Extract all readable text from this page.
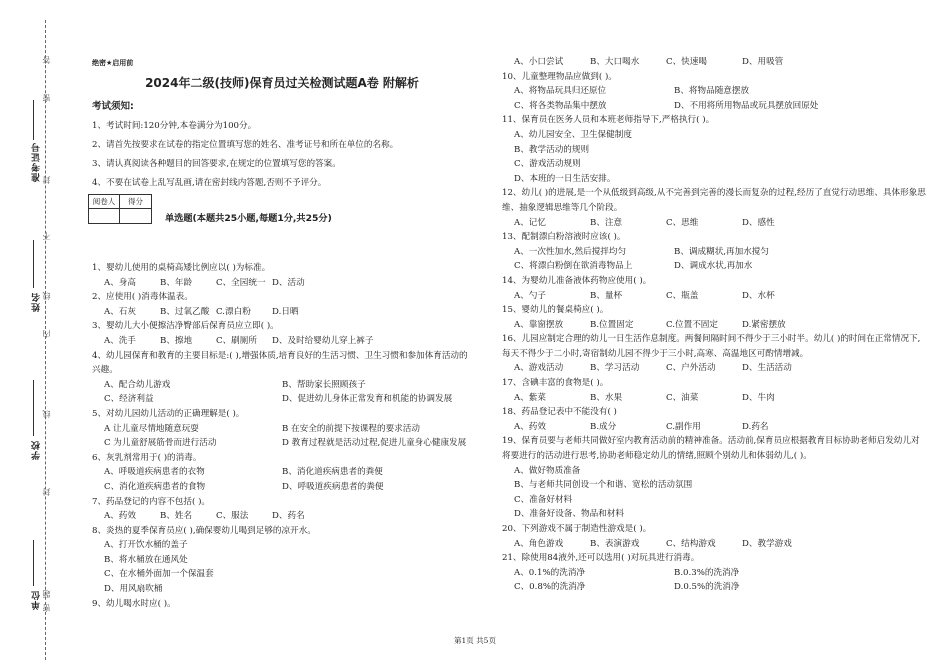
准考证号
姓名
学校
单位 密
封
线
不
内
线
封
密
题
答	绝密★启用前
2024年二级(技师)保育员过关检测试题A卷 附解析
考试须知:
1、考试时间:120分钟,本卷满分为100分。
2、请首先按要求在试卷的指定位置填写您的姓名、准考证号和所在单位的名称。
3、请认真阅读各种题目的回答要求,在规定的位置填写您的答案。
4、不要在试卷上乱写乱画,请在密封线内答题,否则不予评分。
阅卷人	得分
单选题(本题共25小题,每题1分,共25分)
1、婴幼儿使用的桌椅高矮比例应以( )为标准。
A、身高	B、年龄	C、全园统一 D、活动
2、应使用( )消毒体温表。
A、石灰	B、过氧乙酸 C.漂白粉 D.日晒
3、婴幼儿大小便擦洁净臀部后保育员应立即( )。
A、洗手	B、擦地	C、刷厕所 D、及时给婴幼儿穿上裤子
4、幼儿园保育和教育的主要目标是:( ),增强体质,培育良好的生活习惯、卫生习惯和参加体育活动的兴趣。
A、配合幼儿游戏	B、帮助家长照顾孩子
C、经济利益	D、促进幼儿身体正常发育和机能的协调发展
5、对幼儿园幼儿活动的正确理解是( )。
A 让儿童尽情地随意玩耍	B 在安全的前提下按课程的要求活动
C 为儿童舒展筋骨而进行活动	D 教育过程就是活动过程,促进儿童身心健康发展
6、灰乳剂常用于( )的消毒。
A、呼吸道疾病患者的衣物	B、消化道疾病患者的粪便
C、消化道疾病患者的食物	D、呼吸道疾病患者的粪便
7、药品登记的内容不包括( )。
A、药效	B、姓名	C、服法	D、药名
8、炎热的夏季保育员应( ),确保婴幼儿喝到足够的凉开水。
A、打开饮水桶的盖子
B、将水桶放在通风处
C、在水桶外面加一个保温套
D、用风扇吹桶
9、幼儿喝水时应( )。
A、小口尝试	B、大口喝水	C、快速喝	D、用吸管
10、儿童整理物品应做到( )。
A、将物品玩具归还原位	B、将物品随意摆放
C、将各类物品集中摆放	D、不用将所用物品或玩具摆放回原处
11、保育员在医务人员和本班老师指导下,严格执行( )。
A、幼儿园安全、卫生保健制度
B、教学活动的规则
C、游戏活动规则
D、本班的一日生活安排。
12、幼儿( )的进展,是一个从低级到高级,从不完善到完善的漫长而复杂的过程,经历了直觉行动思维、具体形象思维、抽象逻辑思维等几个阶段。
A、记忆	B、注意	C、思维	D、感性
13、配制漂白粉溶液时应该( )。
A、一次性加水,然后搅拌均匀	B、调成糊状,再加水搅匀
C、将漂白粉倒在欲消毒物品上	D、调成水状,再加水
14、为婴幼儿准备液体药物应使用( )。
A、勺子	B、量杯	C、瓶盖	D、水杯
15、婴幼儿的餐桌椅应( )。
A、靠窗摆放	B.位置固定	C.位置不固定	D.紧密摆放
16、儿园应制定合理的幼儿一日生活作息制度。两餐间隔时间不得少于三小时半。幼儿( )的时间在正常情况下,每天不得少于二小时,寄宿制幼儿园不得少于三小时,高寒、高温地区可酌情增减。
A、游戏活动	B、学习活动	C、户外活动	D、生活活动
17、含碘丰富的食物是( )。
A、紫菜	B、水果	C、油菜	D、牛肉
18、药品登记表中不能没有( )
A、药效	B.成分	C.副作用	D.药名
19、保育员要与老师共同做好室内教育活动前的精神准备。活动前,保育员应根据教育目标协助老师启发幼儿对将要进行的活动进行思考,协助老师稳定幼儿的情绪,照顾个别幼儿和体弱幼儿,( )。
A、做好物质准备
B、与老师共同创设一个和谐、宽松的活动氛围
C、准备好材料
D、准备好设备、物品和材料
20、下列游戏不属于制造性游戏是( )。
A、角色游戏	B、表演游戏	C、结构游戏	D、教学游戏
21、除使用84液外,还可以选用( )对玩具进行消毒。
A、0.1%的洗消净	B.0.3%的洗消净
C、0.8%的洗消净	D.0.5%的洗消净
第1页 共5页
